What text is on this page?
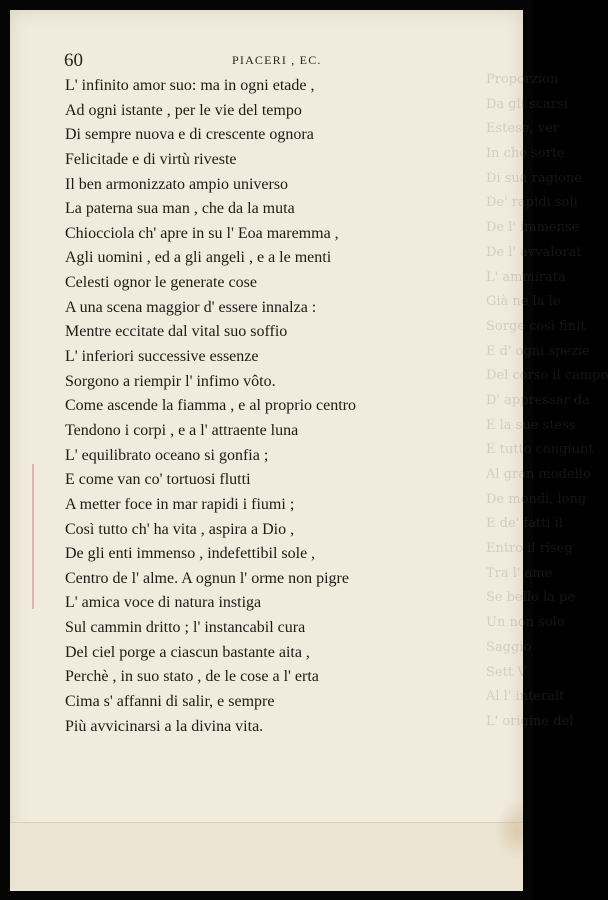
Proporzion
Da gli scarsi
Estese, ver
In che sorte
Di sua ragione
De' rapidi soli
De l' immense
De l' avvalorat
L' ammirata
Già ne la le
Sorge così finit
E d' ogni spezie
Del corso il campo
D' appressar da
E la sue stess
E tutto congiunt
Al gran modello
De mondi, long
E de' fatti il
Entro il riseg
Tra l' ame
Se bello la pe
Un non solo
Saggio
Sett V
Al l' interalt
L' origine del
60	PIACERI , EC.
L' infinito amor suo: ma in ogni etade ,
Ad ogni istante , per le vie del tempo
Di sempre nuova e di crescente ognora
Felicitade e di virtù riveste
Il ben armonizzato ampio universo
La paterna sua man , che da la muta
Chiocciola ch' apre in su l' Eoa maremma ,
Agli uomini , ed a gli angeli , e a le menti
Celesti ognor le generate cose
A una scena maggior d' essere innalza :
Mentre eccitate dal vital suo soffio
L' inferiori successive essenze
Sorgono a riempir l' infimo vôto.
Come ascende la fiamma , e al proprio centro
Tendono i corpi , e a l' attraente luna
L' equilibrato oceano si gonfia ;
E come van co' tortuosi flutti
A metter foce in mar rapidi i fiumi ;
Così tutto ch' ha vita , aspira a Dio ,
De gli enti immenso , indefettibil sole ,
Centro de l' alme. A ognun l' orme non pigre
L' amica voce di natura instiga
Sul cammin dritto ; l' instancabil cura
Del ciel porge a ciascun bastante aita ,
Perchè , in suo stato , de le cose a l' erta
Cima s' affanni di salir, e sempre
Più avvicinarsi a la divina vita.
